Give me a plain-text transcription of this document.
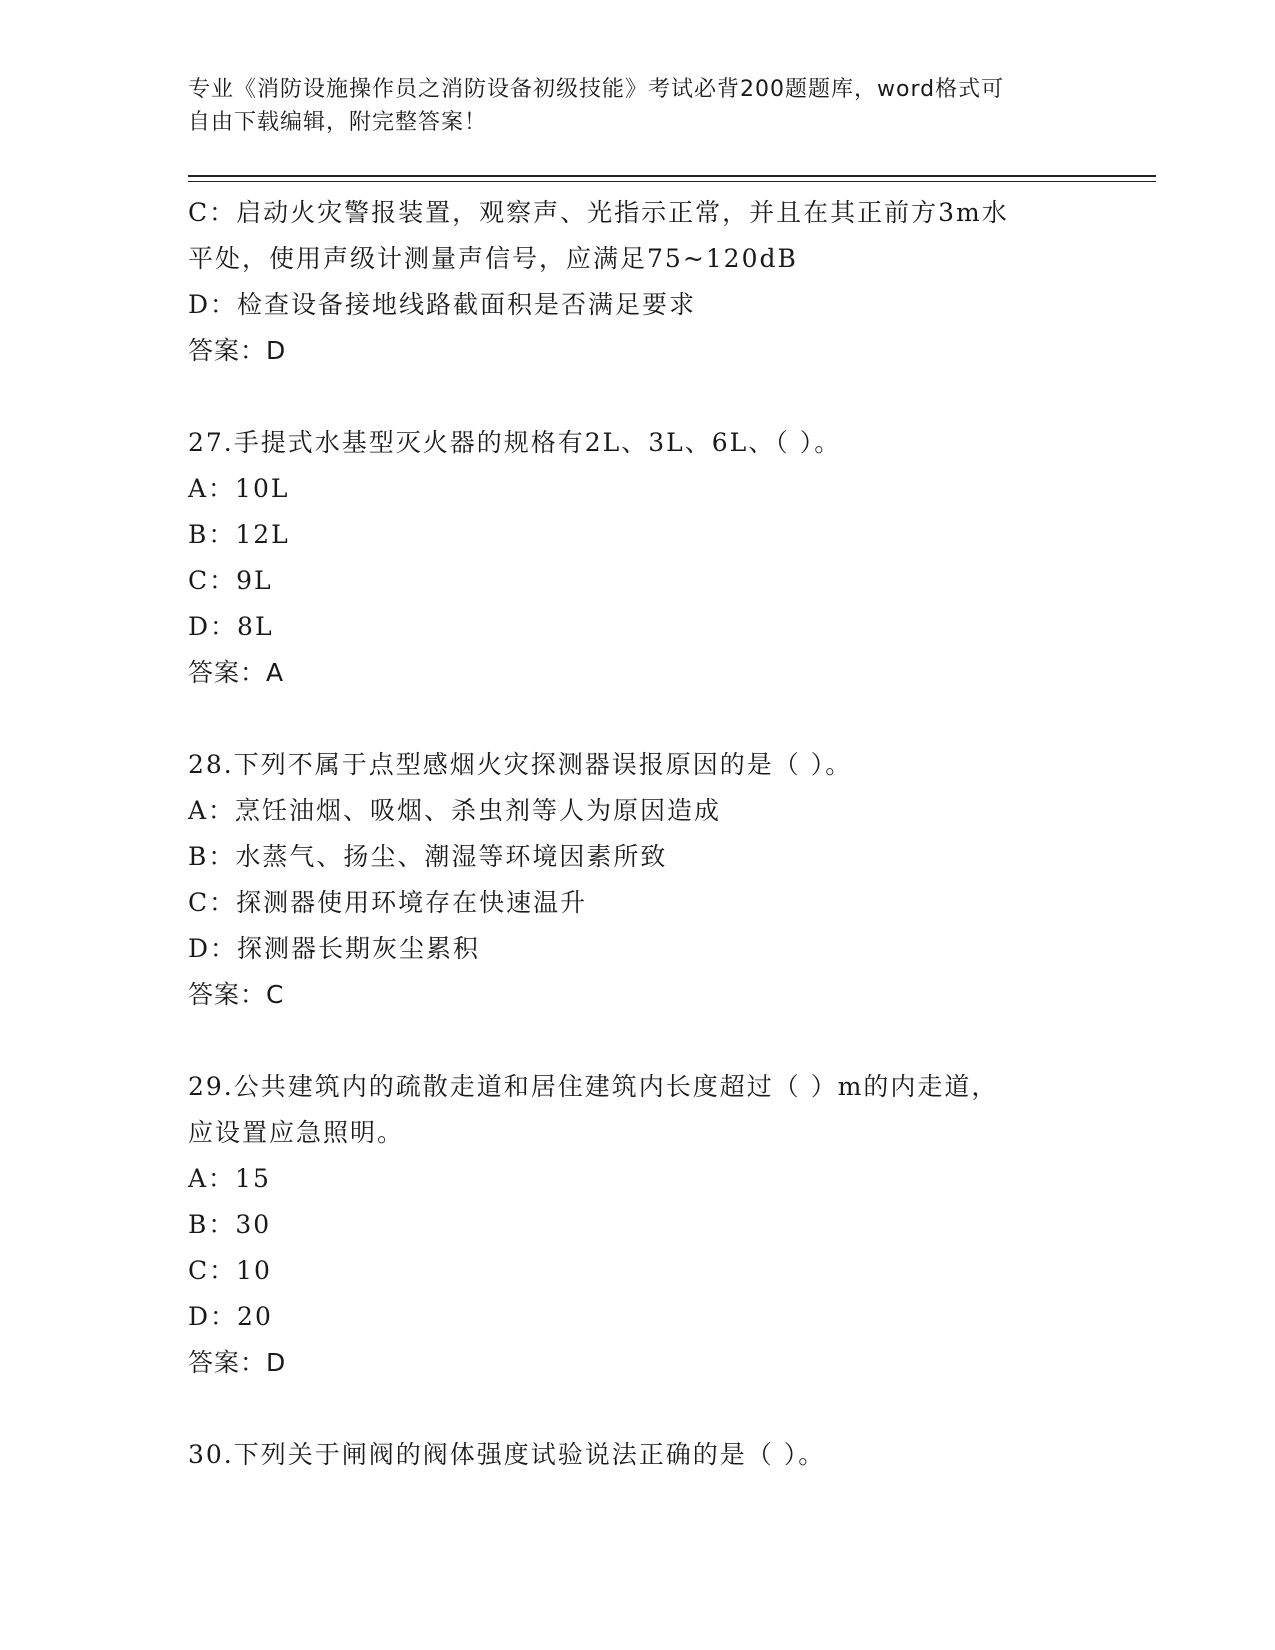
专业《消防设施操作员之消防设备初级技能》考试必背200题题库，word格式可
自由下载编辑，附完整答案！
C：启动火灾警报装置，观察声、光指示正常，并且在其正前方3m水
平处，使用声级计测量声信号，应满足75~120dB
D：检查设备接地线路截面积是否满足要求
答案：D
27.手提式水基型灭火器的规格有2L、3L、6L、（ ）。
A：10L
B：12L
C：9L
D：8L
答案：A
28.下列不属于点型感烟火灾探测器误报原因的是（ ）。
A：烹饪油烟、吸烟、杀虫剂等人为原因造成
B：水蒸气、扬尘、潮湿等环境因素所致
C：探测器使用环境存在快速温升
D：探测器长期灰尘累积
答案：C
29.公共建筑内的疏散走道和居住建筑内长度超过（ ）m的内走道，
应设置应急照明。
A：15
B：30
C：10
D：20
答案：D
30.下列关于闸阀的阀体强度试验说法正确的是（ ）。
